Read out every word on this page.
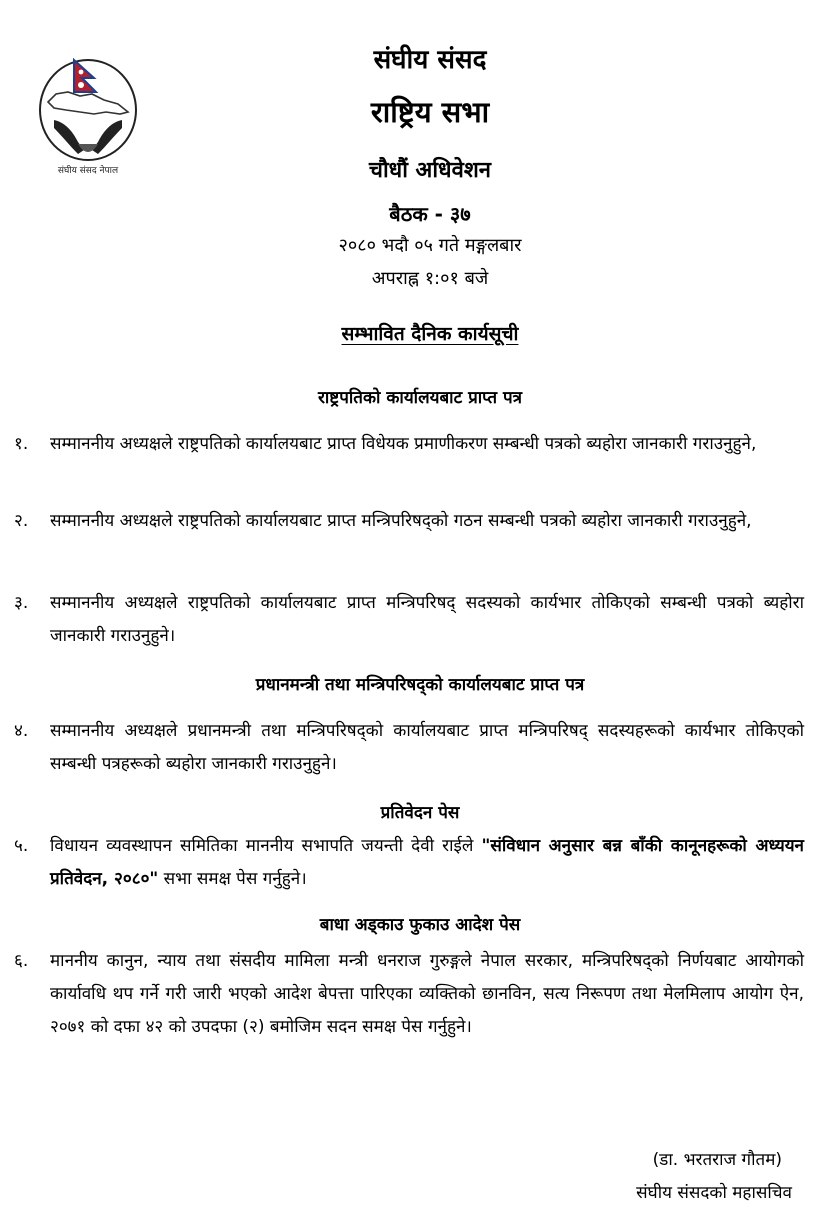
संघीय संसद नेपाल
संघीय संसद
राष्ट्रिय सभा
चौधौं अधिवेशन
बैठक - ३७
२०८० भदौ ०५ गते मङ्गलबार
अपराह्न १:०१ बजे
सम्भावित दैनिक कार्यसूची
राष्ट्रपतिको कार्यालयबाट प्राप्त पत्र
१.	सम्माननीय अध्यक्षले राष्ट्रपतिको कार्यालयबाट प्राप्त विधेयक प्रमाणीकरण सम्बन्धी पत्रको ब्यहोरा जानकारी गराउनुहुने,
२.	सम्माननीय अध्यक्षले राष्ट्रपतिको कार्यालयबाट प्राप्त मन्त्रिपरिषद्को गठन सम्बन्धी पत्रको ब्यहोरा जानकारी गराउनुहुने,
३.	सम्माननीय अध्यक्षले राष्ट्रपतिको कार्यालयबाट प्राप्त मन्त्रिपरिषद् सदस्यको कार्यभार तोकिएको सम्बन्धी पत्रको ब्यहोरा जानकारी गराउनुहुने।
प्रधानमन्त्री तथा मन्त्रिपरिषद्को कार्यालयबाट प्राप्त पत्र
४.	सम्माननीय अध्यक्षले प्रधानमन्त्री तथा मन्त्रिपरिषद्को कार्यालयबाट प्राप्त मन्त्रिपरिषद् सदस्यहरूको कार्यभार तोकिएको सम्बन्धी पत्रहरूको ब्यहोरा जानकारी गराउनुहुने।
प्रतिवेदन पेस
५.	विधायन व्यवस्थापन समितिका माननीय सभापति जयन्ती देवी राईले "संविधान अनुसार बन्न बाँकी कानूनहरूको अध्ययन प्रतिवेदन, २०८०" सभा समक्ष पेस गर्नुहुने।
बाधा अड्काउ फुकाउ आदेश पेस
६.	माननीय कानुन, न्याय तथा संसदीय मामिला मन्त्री धनराज गुरुङ्गले नेपाल सरकार, मन्त्रिपरिषद्को निर्णयबाट आयोगको कार्यावधि थप गर्ने गरी जारी भएको आदेश बेपत्ता पारिएका व्यक्तिको छानविन, सत्य निरूपण तथा मेलमिलाप आयोग ऐन, २०७१ को दफा ४२ को उपदफा (२) बमोजिम सदन समक्ष पेस गर्नुहुने।
(डा. भरतराज गौतम)
संघीय संसदको महासचिव
